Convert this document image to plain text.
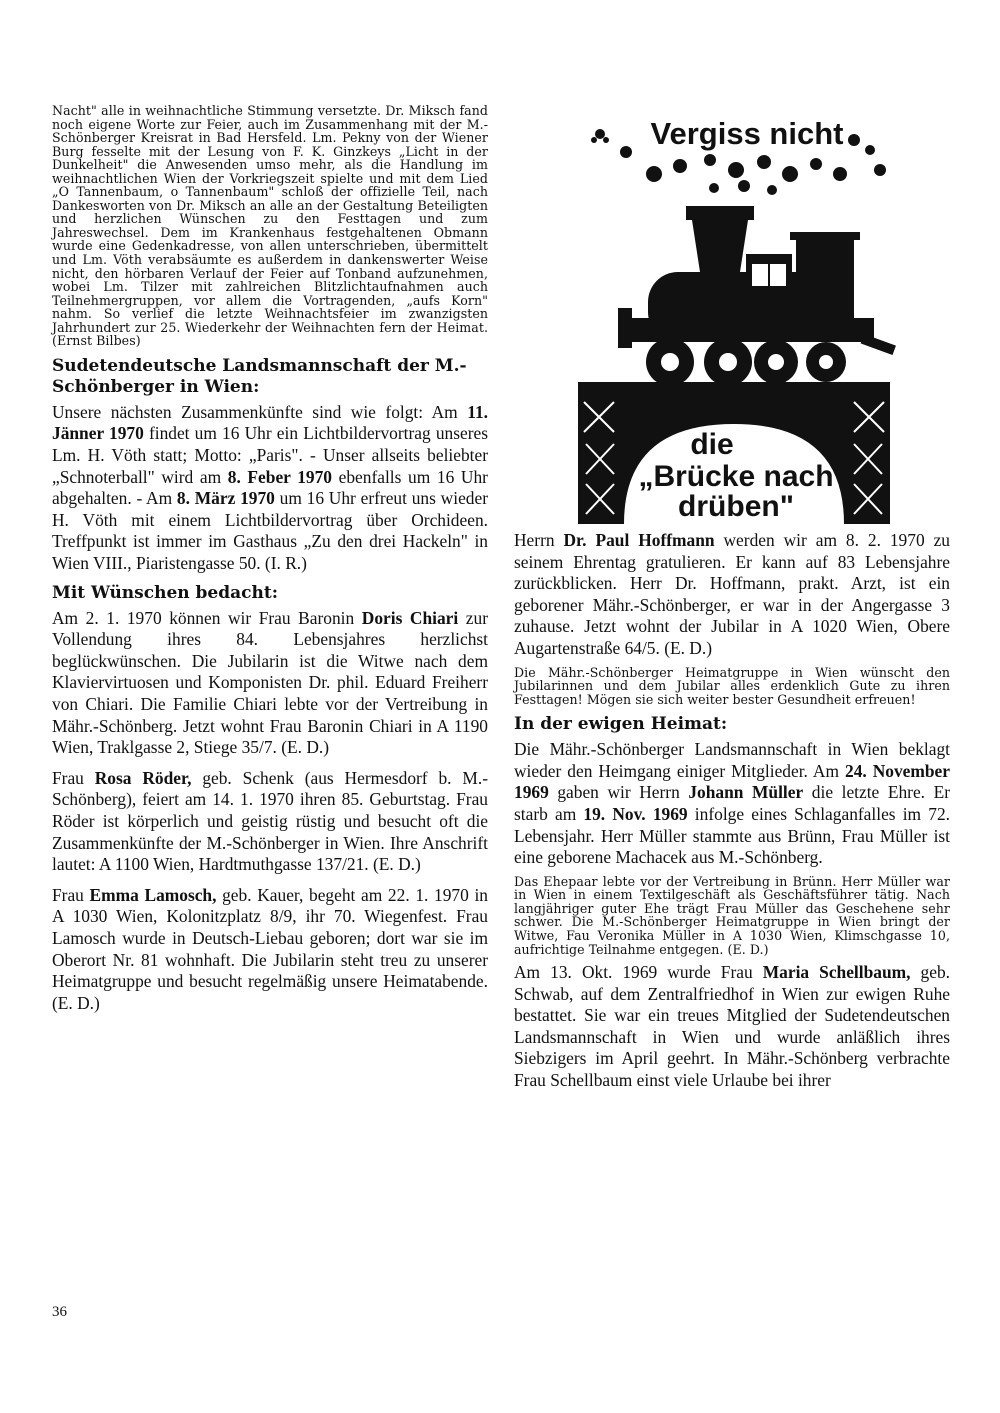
Nacht" alle in weihnachtliche Stimmung versetzte. Dr. Miksch fand noch eigene Worte zur Feier, auch im Zusammenhang mit der M.-Schönberger Kreisrat in Bad Hersfeld. Lm. Pekny von der Wiener Burg fesselte mit der Lesung von F. K. Ginzkeys „Licht in der Dunkelheit" die Anwesenden umso mehr, als die Handlung im weihnachtlichen Wien der Vorkriegszeit spielte und mit dem Lied „O Tannenbaum, o Tannenbaum" schloß der offizielle Teil, nach Dankesworten von Dr. Miksch an alle an der Gestaltung Beteiligten und herzlichen Wünschen zu den Festtagen und zum Jahreswechsel. Dem im Krankenhaus festgehaltenen Obmann wurde eine Gedenkadresse, von allen unterschrieben, übermittelt und Lm. Vöth verabsäumte es außerdem in dankenswerter Weise nicht, den hörbaren Verlauf der Feier auf Tonband aufzunehmen, wobei Lm. Tilzer mit zahlreichen Blitzlichtaufnahmen auch Teilnehmergruppen, vor allem die Vortragenden, „aufs Korn" nahm. So verlief die letzte Weihnachtsfeier im zwanzigsten Jahrhundert zur 25. Wiederkehr der Weihnachten fern der Heimat. (Ernst Bilbes)

Sudetendeutsche Landsmannschaft der M.-Schönberger in Wien:

Unsere nächsten Zusammenkünfte sind wie folgt: Am 11. Jänner 1970 findet um 16 Uhr ein Lichtbildervortrag unseres Lm. H. Vöth statt; Motto: „Paris". - Unser allseits beliebter „Schnoterball" wird am 8. Feber 1970 ebenfalls um 16 Uhr abgehalten. - Am 8. März 1970 um 16 Uhr erfreut uns wieder H. Vöth mit einem Lichtbildervortrag über Orchideen. Treffpunkt ist immer im Gasthaus „Zu den drei Hackeln" in Wien VIII., Piaristengasse 50. (I. R.)

Mit Wünschen bedacht:

Am 2. 1. 1970 können wir Frau Baronin Doris Chiari zur Vollendung ihres 84. Lebensjahres herzlichst beglückwünschen. Die Jubilarin ist die Witwe nach dem Klaviervirtuosen und Komponisten Dr. phil. Eduard Freiherr von Chiari. Die Familie Chiari lebte vor der Vertreibung in Mähr.-Schönberg. Jetzt wohnt Frau Baronin Chiari in A 1190 Wien, Traklgasse 2, Stiege 35/7. (E. D.)

Frau Rosa Röder, geb. Schenk (aus Hermesdorf b. M.-Schönberg), feiert am 14. 1. 1970 ihren 85. Geburtstag. Frau Röder ist körperlich und geistig rüstig und besucht oft die Zusammenkünfte der M.-Schönberger in Wien. Ihre Anschrift lautet: A 1100 Wien, Hardtmuthgasse 137/21. (E. D.)

Frau Emma Lamosch, geb. Kauer, begeht am 22. 1. 1970 in A 1030 Wien, Kolonitzplatz 8/9, ihr 70. Wiegenfest. Frau Lamosch wurde in Deutsch-Liebau geboren; dort war sie im Oberort Nr. 81 wohnhaft. Die Jubilarin steht treu zu unserer Heimatgruppe und besucht regelmäßig unsere Heimatabende. (E. D.)

Vergiss nicht
die
„Brücke nach
drüben"

Herrn Dr. Paul Hoffmann werden wir am 8. 2. 1970 zu seinem Ehrentag gratulieren. Er kann auf 83 Lebensjahre zurückblicken. Herr Dr. Hoffmann, prakt. Arzt, ist ein geborener Mähr.-Schönberger, er war in der Angergasse 3 zuhause. Jetzt wohnt der Jubilar in A 1020 Wien, Obere Augartenstraße 64/5. (E. D.)

Die Mähr.-Schönberger Heimatgruppe in Wien wünscht den Jubilarinnen und dem Jubilar alles erdenklich Gute zu ihren Festtagen! Mögen sie sich weiter bester Gesundheit erfreuen!

In der ewigen Heimat:

Die Mähr.-Schönberger Landsmannschaft in Wien beklagt wieder den Heimgang einiger Mitglieder. Am 24. November 1969 gaben wir Herrn Johann Müller die letzte Ehre. Er starb am 19. Nov. 1969 infolge eines Schlaganfalles im 72. Lebensjahr. Herr Müller stammte aus Brünn, Frau Müller ist eine geborene Machacek aus M.-Schönberg.

Das Ehepaar lebte vor der Vertreibung in Brünn. Herr Müller war in Wien in einem Textilgeschäft als Geschäftsführer tätig. Nach langjähriger guter Ehe trägt Frau Müller das Geschehene sehr schwer. Die M.-Schönberger Heimatgruppe in Wien bringt der Witwe, Fau Veronika Müller in A 1030 Wien, Klimschgasse 10, aufrichtige Teilnahme entgegen. (E. D.)

Am 13. Okt. 1969 wurde Frau Maria Schellbaum, geb. Schwab, auf dem Zentralfriedhof in Wien zur ewigen Ruhe bestattet. Sie war ein treues Mitglied der Sudetendeutschen Landsmannschaft in Wien und wurde anläßlich ihres Siebzigers im April geehrt. In Mähr.-Schönberg verbrachte Frau Schellbaum einst viele Urlaube bei ihrer

36
